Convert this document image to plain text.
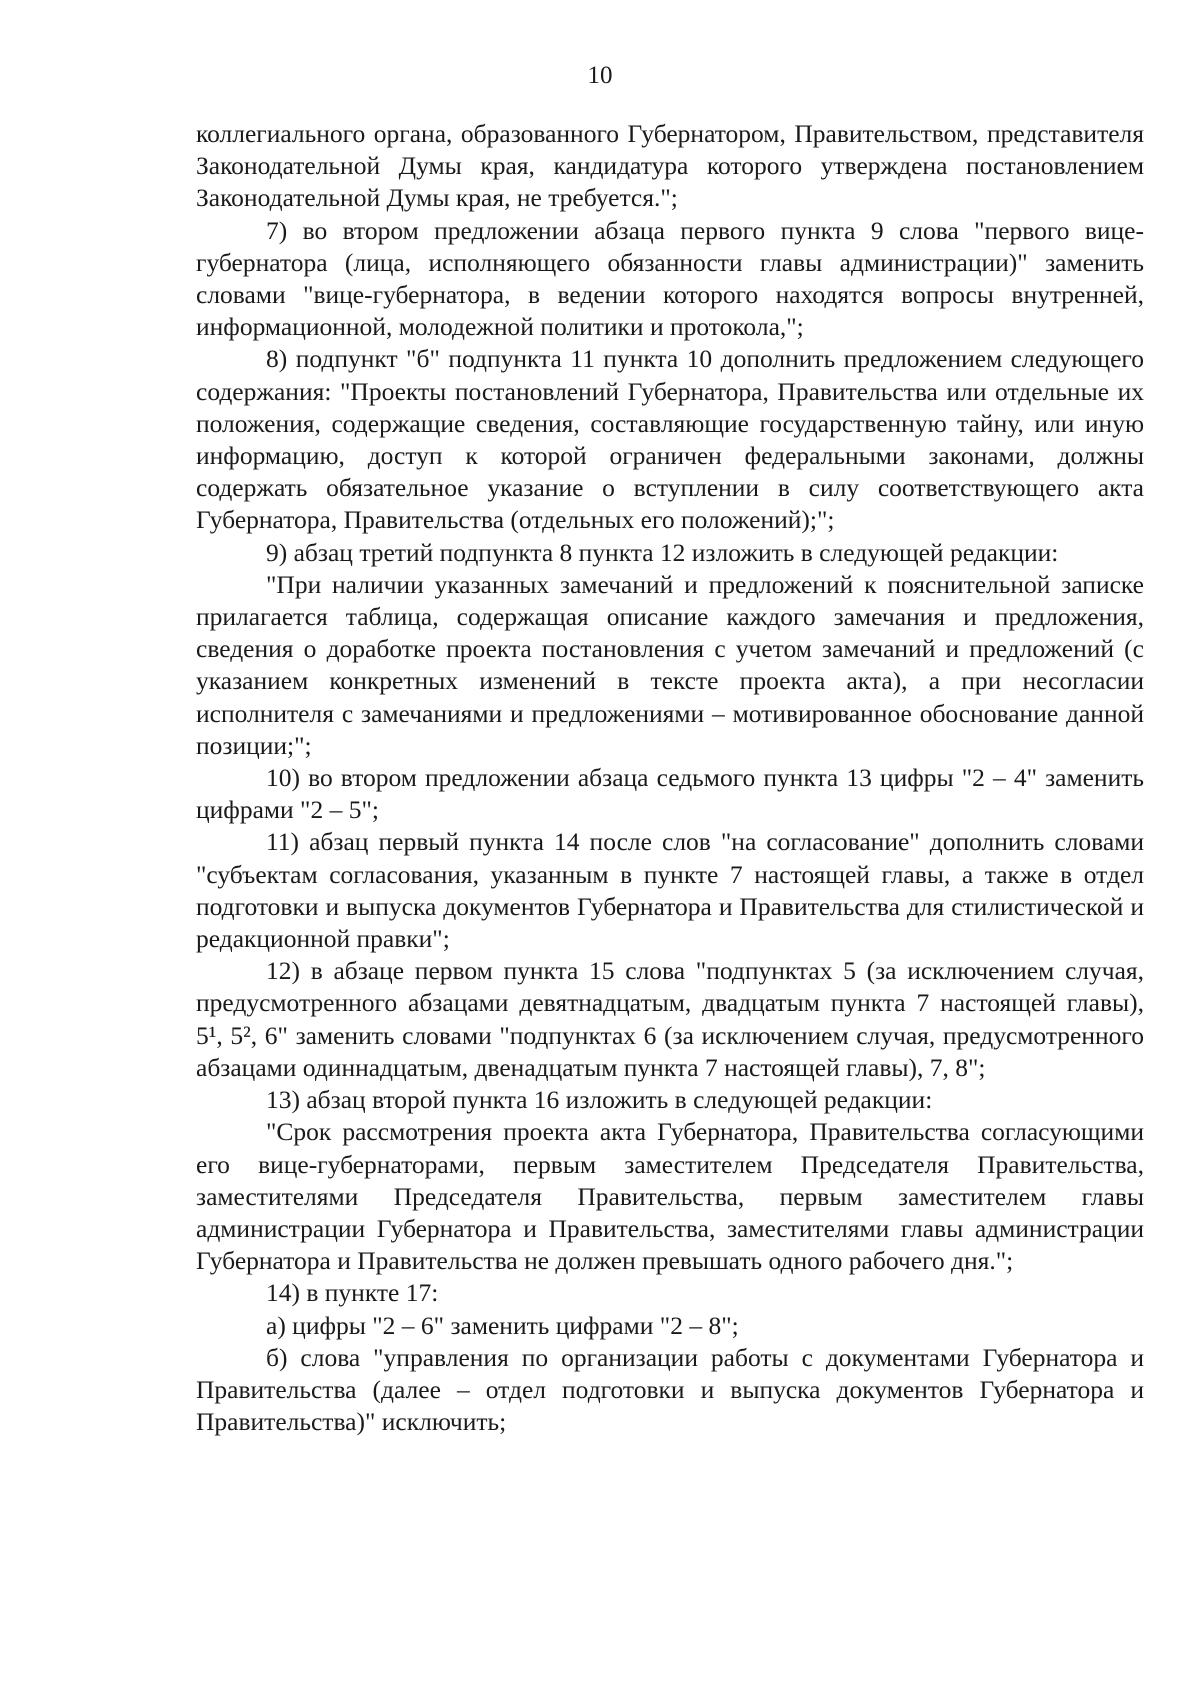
10

коллегиального органа, образованного Губернатором, Правительством, представителя Законодательной Думы края, кандидатура которого утверждена постановлением Законодательной Думы края, не требуется.";

7) во втором предложении абзаца первого пункта 9 слова "первого вице-губернатора (лица, исполняющего обязанности главы администрации)" заменить словами "вице-губернатора, в ведении которого находятся вопросы внутренней, информационной, молодежной политики и протокола,";

8) подпункт "б" подпункта 11 пункта 10 дополнить предложением следующего содержания: "Проекты постановлений Губернатора, Правительства или отдельные их положения, содержащие сведения, составляющие государственную тайну, или иную информацию, доступ к которой ограничен федеральными законами, должны содержать обязательное указание о вступлении в силу соответствующего акта Губернатора, Правительства (отдельных его положений);";

9) абзац третий подпункта 8 пункта 12 изложить в следующей редакции:

"При наличии указанных замечаний и предложений к пояснительной записке прилагается таблица, содержащая описание каждого замечания и предложения, сведения о доработке проекта постановления с учетом замечаний и предложений (с указанием конкретных изменений в тексте проекта акта), а при несогласии исполнителя с замечаниями и предложениями – мотивированное обоснование данной позиции;";

10) во втором предложении абзаца седьмого пункта 13 цифры "2 – 4" заменить цифрами "2 – 5";

11) абзац первый пункта 14 после слов "на согласование" дополнить словами "субъектам согласования, указанным в пункте 7 настоящей главы, а также в отдел подготовки и выпуска документов Губернатора и Правительства для стилистической и редакционной правки";

12) в абзаце первом пункта 15 слова "подпунктах 5 (за исключением случая, предусмотренного абзацами девятнадцатым, двадцатым пункта 7 настоящей главы), 5¹, 5², 6" заменить словами "подпунктах 6 (за исключением случая, предусмотренного абзацами одиннадцатым, двенадцатым пункта 7 настоящей главы), 7, 8";

13) абзац второй пункта 16 изложить в следующей редакции:

"Срок рассмотрения проекта акта Губернатора, Правительства согласующими его вице-губернаторами, первым заместителем Председателя Правительства, заместителями Председателя Правительства, первым заместителем главы администрации Губернатора и Правительства, заместителями главы администрации Губернатора и Правительства не должен превышать одного рабочего дня.";

14) в пункте 17:

а) цифры "2 – 6" заменить цифрами "2 – 8";

б) слова "управления по организации работы с документами Губернатора и Правительства (далее – отдел подготовки и выпуска документов Губернатора и Правительства)" исключить;
